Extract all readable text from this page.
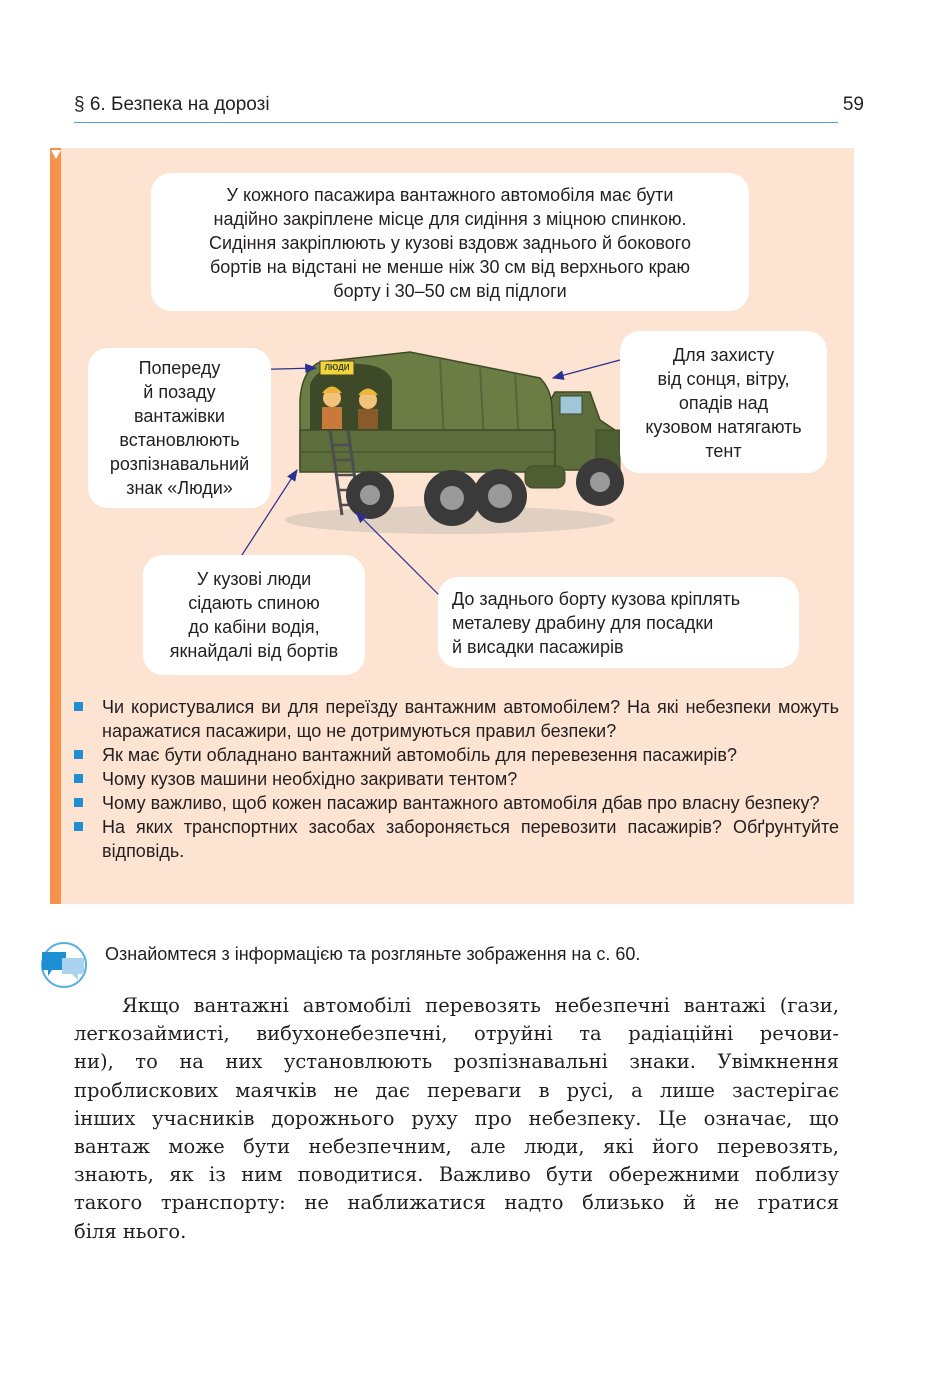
§ 6. Безпека на дорозі	59
ЛЮДИ
У кожного пасажира вантажного автомобіля має бути
надійно закріплене місце для сидіння з міцною спинкою.
Сидіння закріплюють у кузові вздовж заднього й бокового
бортів на відстані не менше ніж 30 см від верхнього краю
борту і 30–50 см від підлоги
Попереду
й позаду
вантажівки
встановлюють
розпізнавальний
знак «Люди»
Для захисту
від сонця, вітру,
опадів над
кузовом натягають
тент
У кузові люди
сідають спиною
до кабіни водія,
якнайдалі від бортів
До заднього борту кузова кріплять
металеву драбину для посадки
й висадки пасажирів
Чи користувалися ви для переїзду вантажним автомобілем? На які небезпеки можуть наражатися пасажири, що не дотримуються правил безпеки?
Як має бути обладнано вантажний автомобіль для перевезення пасажирів?
Чому кузов машини необхідно закривати тентом?
Чому важливо, щоб кожен пасажир вантажного автомобіля дбав про власну безпеку?
На яких транспортних засобах забороняється перевозити пасажирів? Обґрунтуйте відповідь.
Ознайомтеся з інформацією та розгляньте зображення на с. 60.
Якщо вантажні автомобілі перевозять небезпечні вантажі (гази,
легкозаймисті, вибухонебезпечні, отруйні та радіаційні речови-
ни), то на них установлюють розпізнавальні знаки. Увімкнення
проблискових маячків не дає переваги в русі, а лише застерігає
інших учасників дорожнього руху про небезпеку. Це означає, що
вантаж може бути небезпечним, але люди, які його перевозять,
знають, як із ним поводитися. Важливо бути обережними поблизу
такого транспорту: не наближатися надто близько й не гратися
біля нього.
